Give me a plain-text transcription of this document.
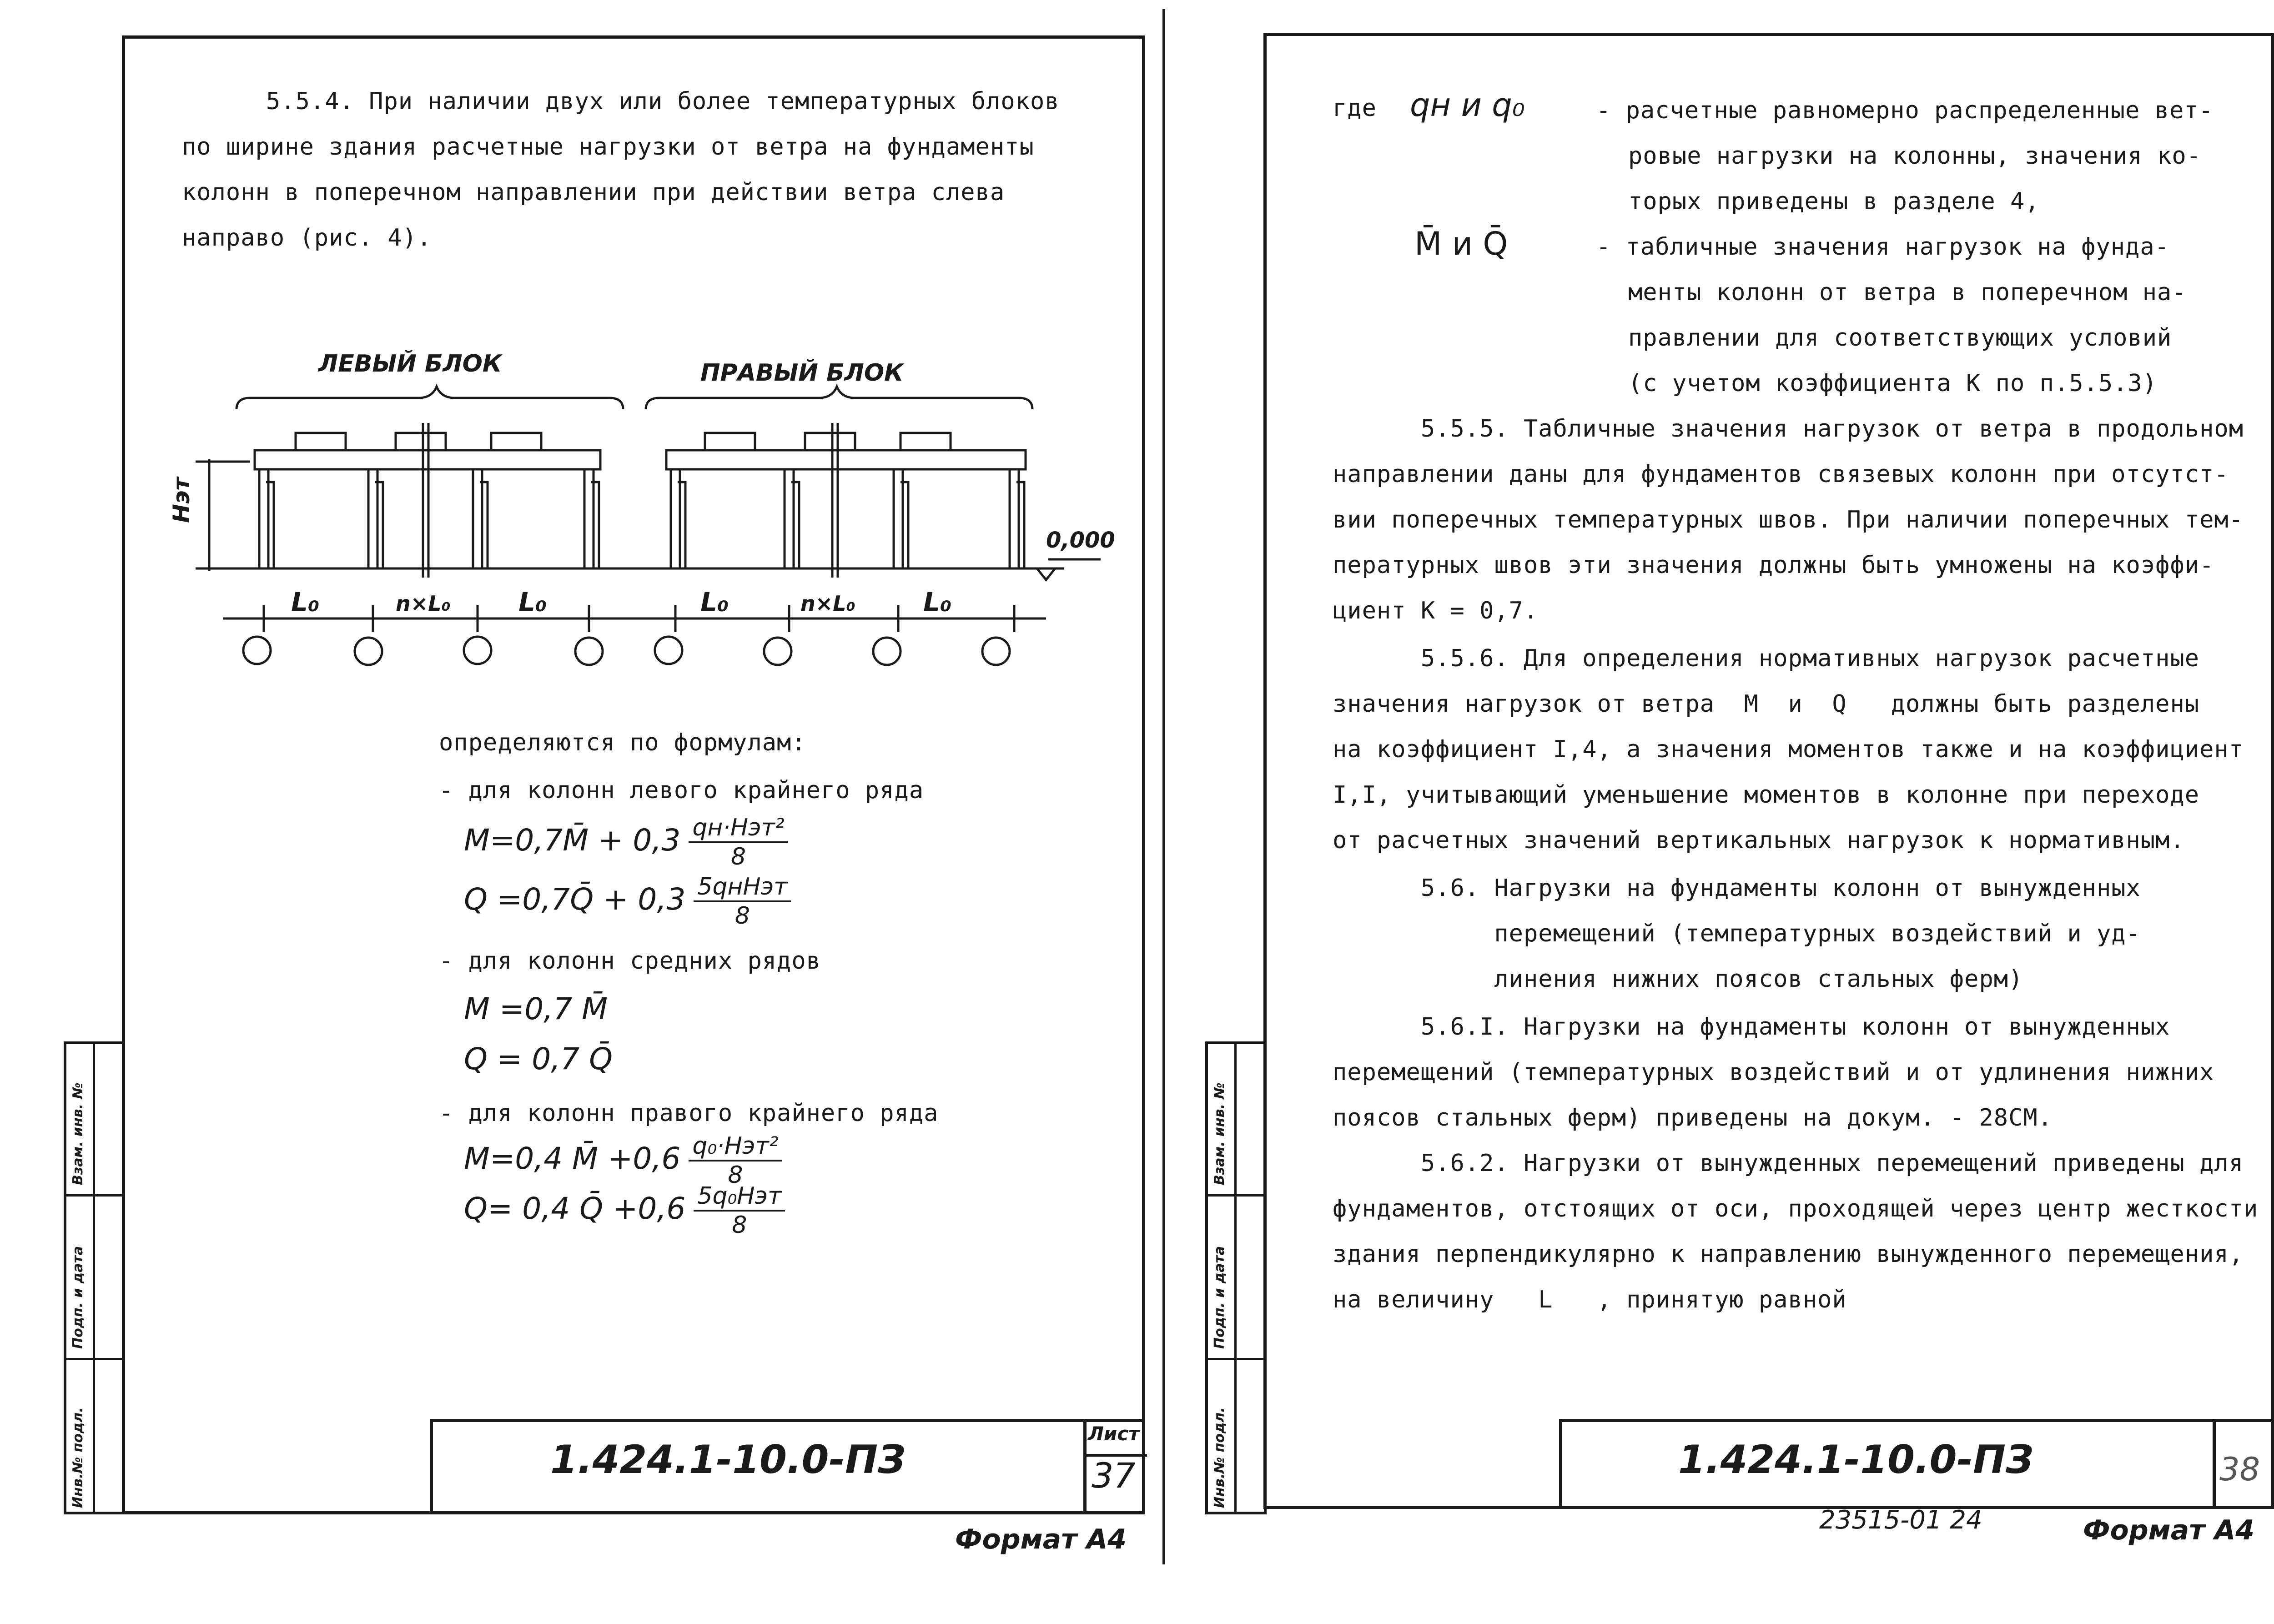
Инв.№ подл.
Подп. и дата
Взам. инв. №
5.5.4. При наличии двух или более температурных блоков
по ширине здания расчетные нагрузки от ветра на фундаменты
колонн в поперечном направлении при действии ветра слева
направо (рис. 4).
ЛЕВЫЙ БЛОК	ПРАВЫЙ БЛОК
Нэт
0,000
L₀	n×L₀	L₀	L₀	n×L₀	L₀
определяются по формулам:
- для колонн левого крайнего ряда
M=0,7M̄ + $0,3 \frac{\text{qн·Нэт²}}{8}$
Q =0,7Q̄ + $0,3 \frac{\text{5qнНэт}}{8}$
- для колонн средних рядов
M =0,7 M̄
Q = 0,7 Q̄
- для колонн правого крайнего ряда
M=0,4 M̄ $+0,6 \frac{\text{q₀·Нэт²}}{8}$
Q= 0,4 Q̄ $+0,6 \frac{\text{5q₀Нэт}}{8}$
1.424.1-10.0-ПЗ
Лист
37
Формат А4
Инв.№ подл.
Подп. и дата
Взам. инв. №
где qн и q₀	- расчетные равномерно распределенные вет-
ровые нагрузки на колонны, значения ко-
торых приведены в разделе 4,
M̄ и Q̄	- табличные значения нагрузок на фунда-
менты колонн от ветра в поперечном на-
правлении для соответствующих условий
(с учетом коэффициента K по п.5.5.3)
5.5.5. Табличные значения нагрузок от ветра в продольном
направлении даны для фундаментов связевых колонн при отсутст-
вии поперечных температурных швов. При наличии поперечных тем-
пературных швов эти значения должны быть умножены на коэффи-
циент K = 0,7.
5.5.6. Для определения нормативных нагрузок расчетные
значения нагрузок от ветра  M  и  Q   должны быть разделены
на коэффициент I,4, а значения моментов также и на коэффициент
I,I, учитывающий уменьшение моментов в колонне при переходе
от расчетных значений вертикальных нагрузок к нормативным.
5.6. Нагрузки на фундаменты колонн от вынужденных
перемещений (температурных воздействий и уд-
линения нижних поясов стальных ферм)
5.6.I. Нагрузки на фундаменты колонн от вынужденных
перемещений (температурных воздействий и от удлинения нижних
поясов стальных ферм) приведены на докум. - 28СМ.
5.6.2. Нагрузки от вынужденных перемещений приведены для
фундаментов, отстоящих от оси, проходящей через центр жесткости
здания перпендикулярно к направлению вынужденного перемещения,
на величину   L   , принятую равной
1.424.1-10.0-ПЗ	38
23515-01 24	Формат А4
